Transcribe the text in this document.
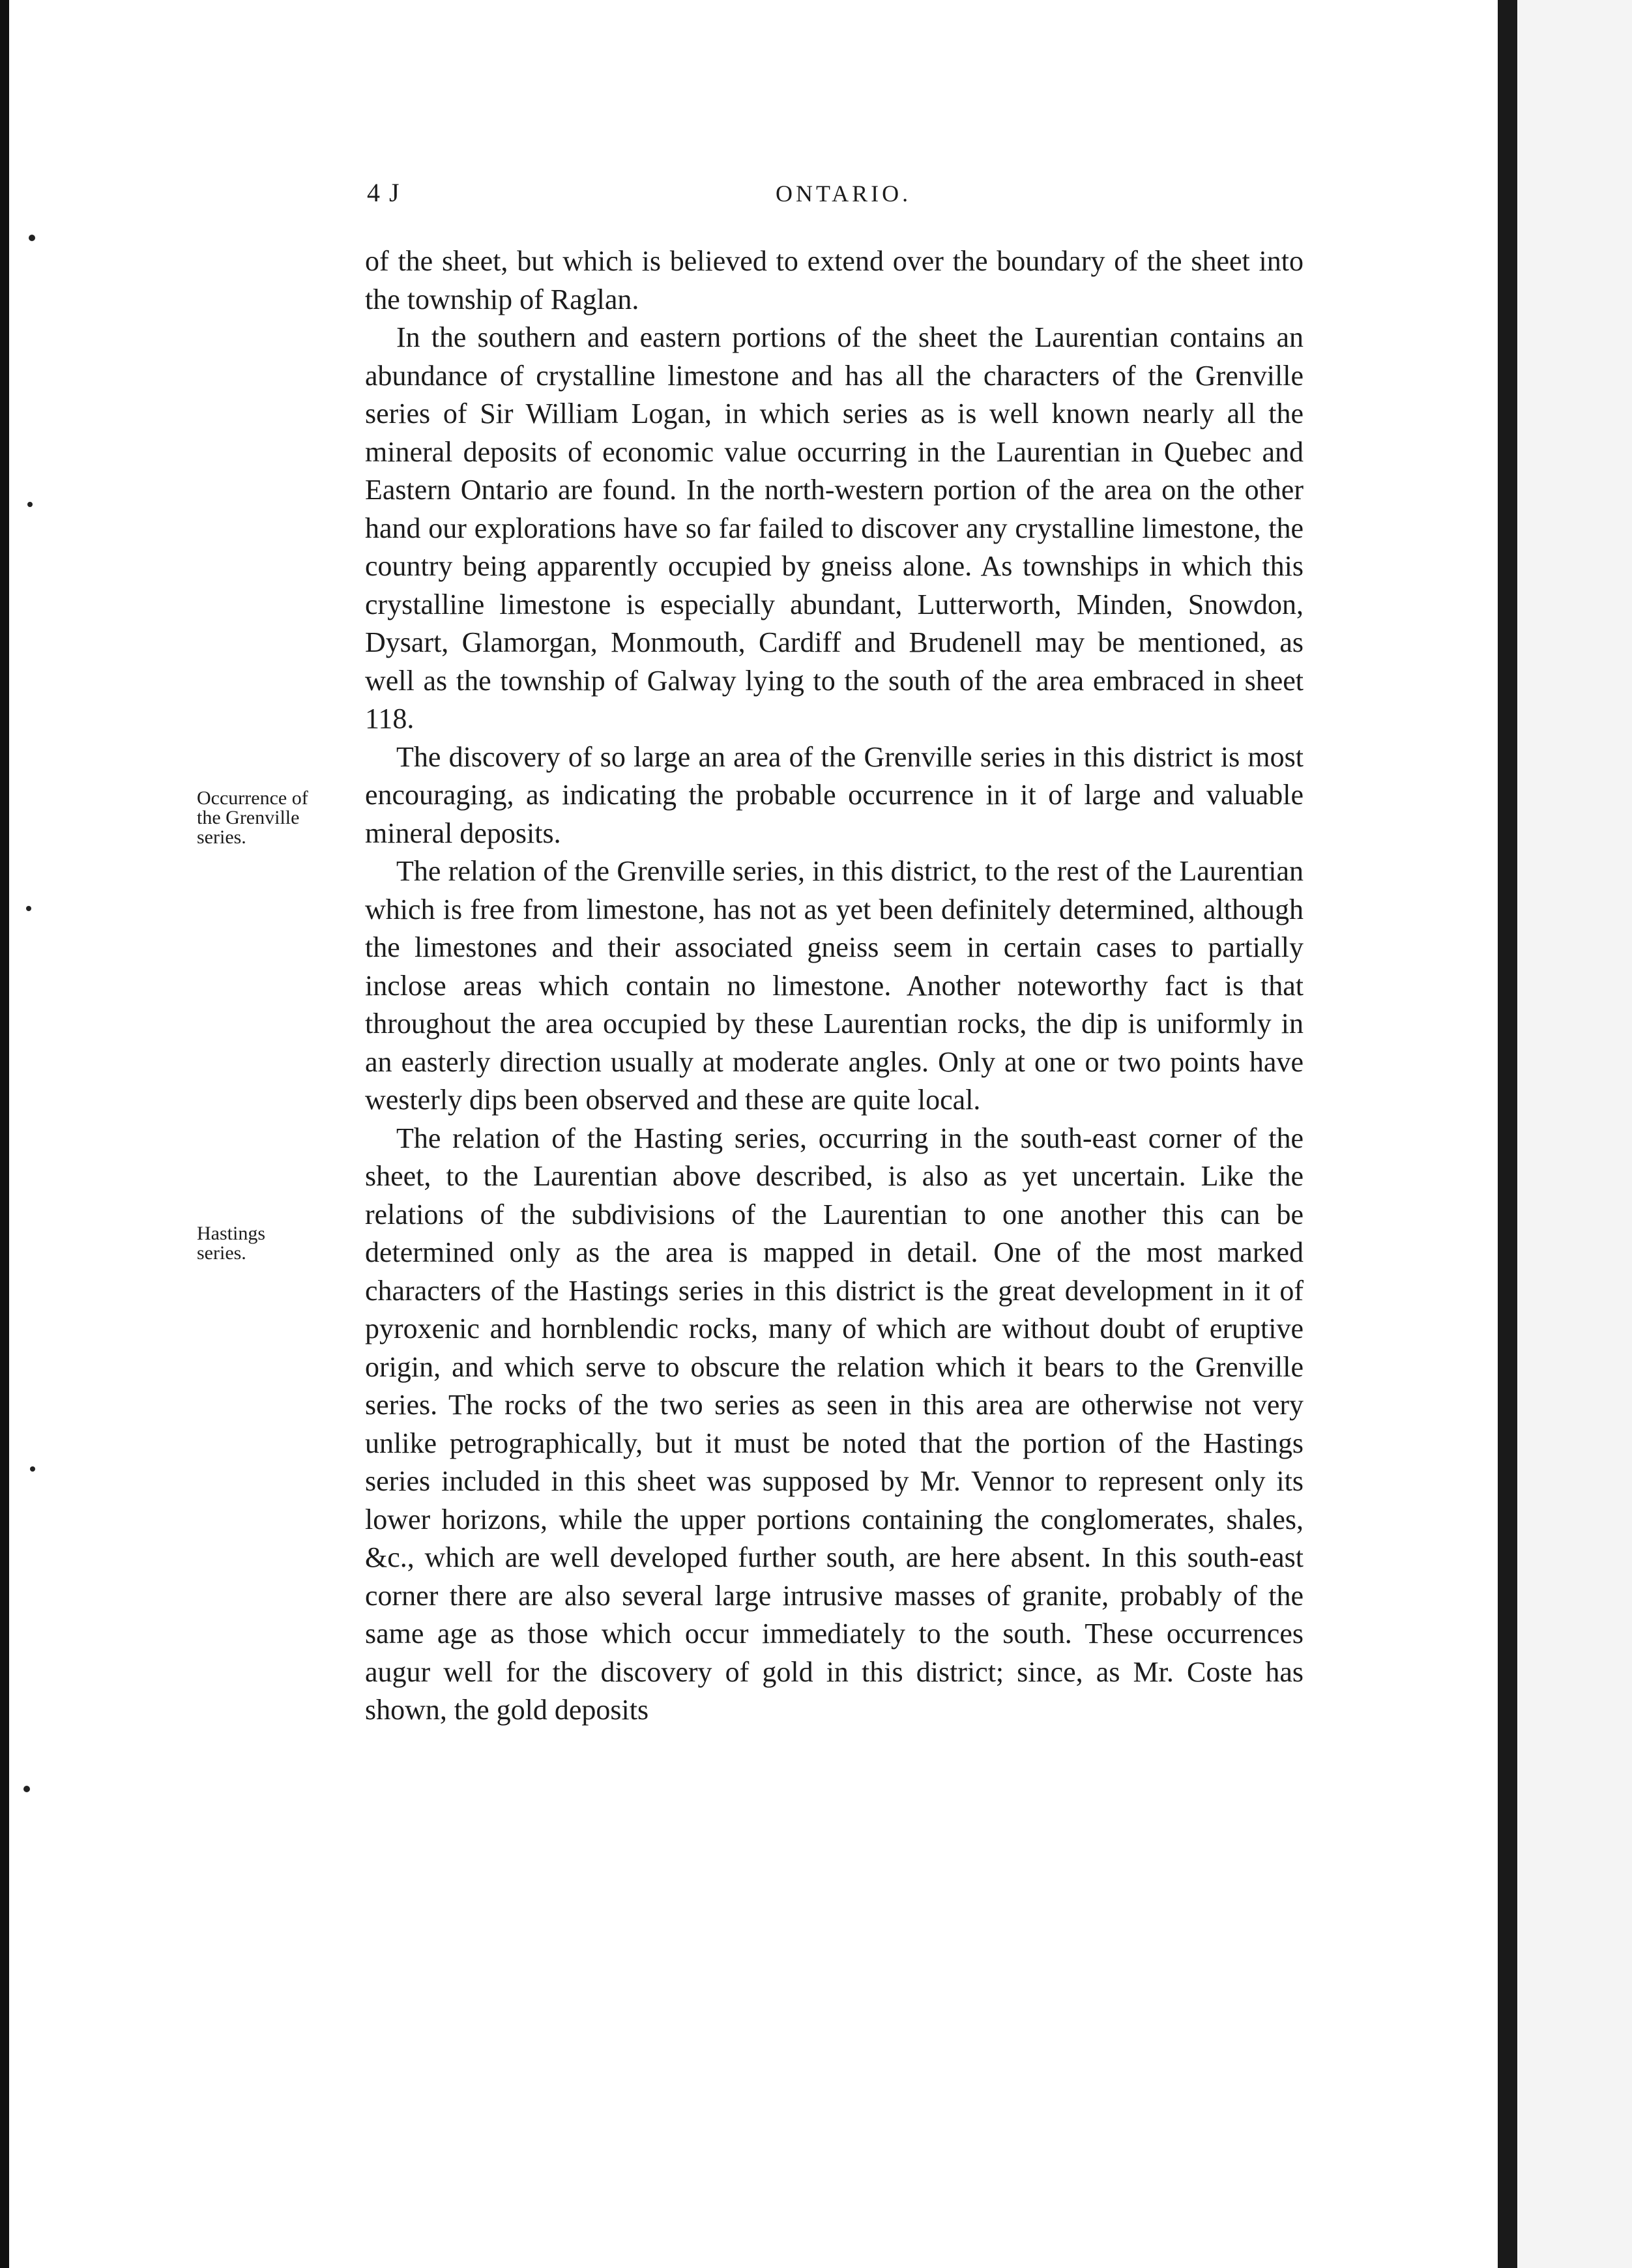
4 J	ONTARIO.
Occurrence of
the Grenville
series.
Hastings
series.

of the sheet, but which is believed to extend over the boundary of the sheet into the township of Raglan.

In the southern and eastern portions of the sheet the Laurentian contains an abundance of crystalline limestone and has all the characters of the Grenville series of Sir William Logan, in which series as is well known nearly all the mineral deposits of economic value occurring in the Laurentian in Quebec and Eastern Ontario are found. In the north-western portion of the area on the other hand our explorations have so far failed to discover any crystalline limestone, the country being apparently occupied by gneiss alone. As townships in which this crystalline limestone is especially abundant, Lutterworth, Minden, Snowdon, Dysart, Glamorgan, Monmouth, Cardiff and Brudenell may be mentioned, as well as the township of Galway lying to the south of the area embraced in sheet 118.

The discovery of so large an area of the Grenville series in this district is most encouraging, as indicating the probable occurrence in it of large and valuable mineral deposits.

The relation of the Grenville series, in this district, to the rest of the Laurentian which is free from limestone, has not as yet been definitely determined, although the limestones and their associated gneiss seem in certain cases to partially inclose areas which contain no limestone. Another noteworthy fact is that throughout the area occupied by these Laurentian rocks, the dip is uniformly in an easterly direction usually at moderate angles. Only at one or two points have westerly dips been observed and these are quite local.

The relation of the Hasting series, occurring in the south-east corner of the sheet, to the Laurentian above described, is also as yet uncertain. Like the relations of the subdivisions of the Laurentian to one another this can be determined only as the area is mapped in detail. One of the most marked characters of the Hastings series in this district is the great development in it of pyroxenic and hornblendic rocks, many of which are without doubt of eruptive origin, and which serve to obscure the relation which it bears to the Grenville series. The rocks of the two series as seen in this area are otherwise not very unlike petrographically, but it must be noted that the portion of the Hastings series included in this sheet was supposed by Mr. Vennor to represent only its lower horizons, while the upper portions containing the conglomerates, shales, &c., which are well developed further south, are here absent. In this south-east corner there are also several large intrusive masses of granite, probably of the same age as those which occur immediately to the south. These occurrences augur well for the discovery of gold in this district; since, as Mr. Coste has shown, the gold deposits
